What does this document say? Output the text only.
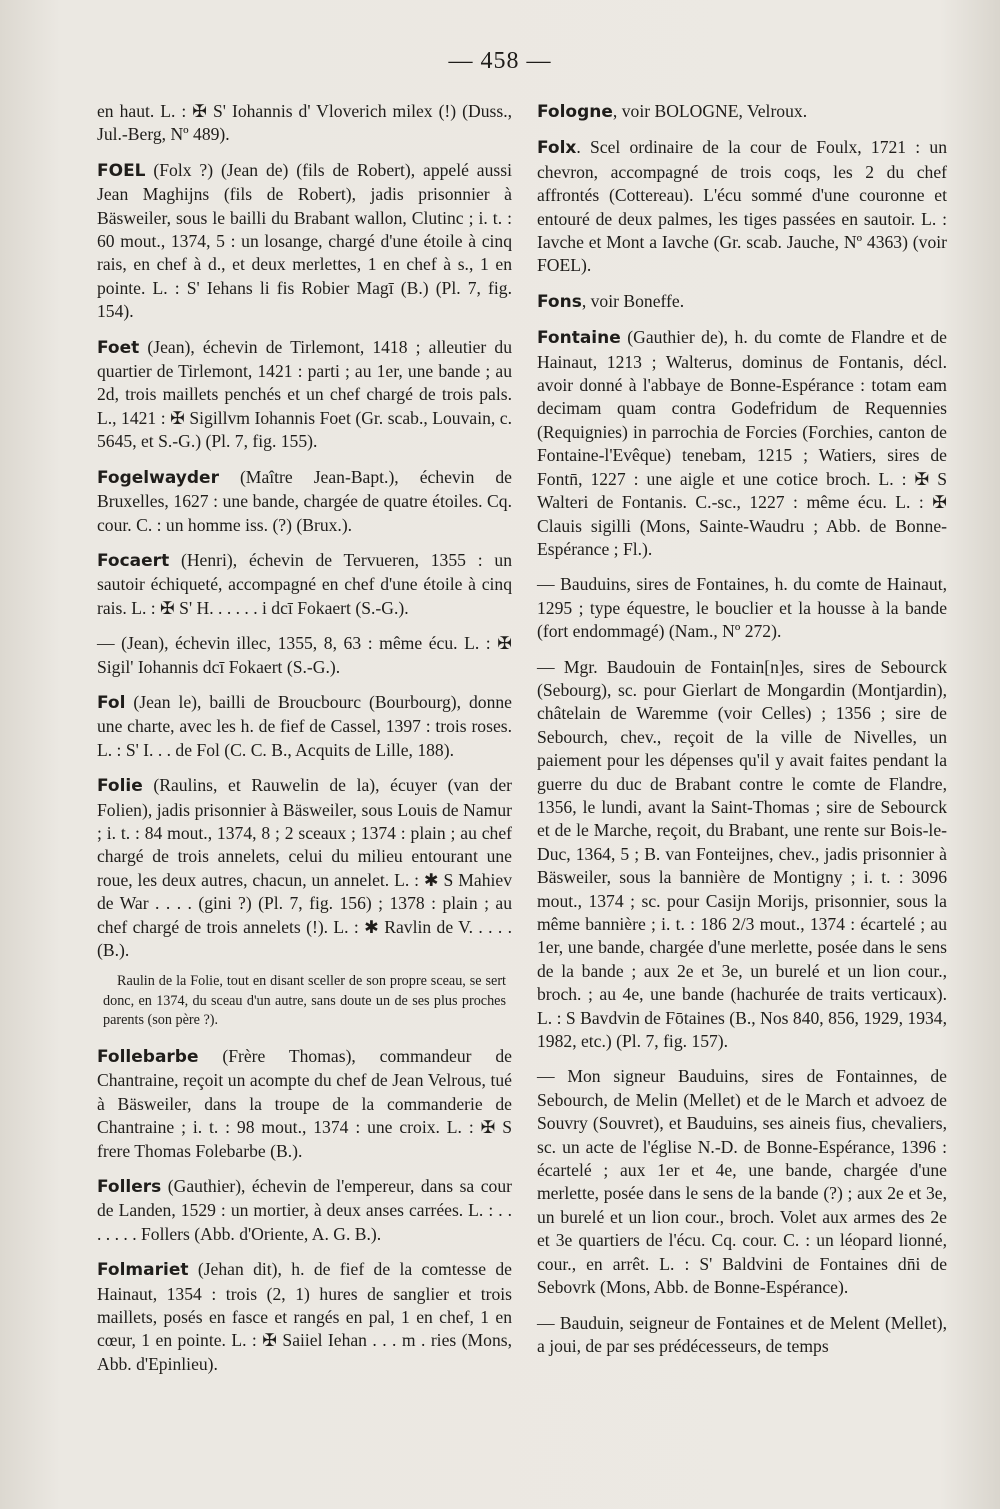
— 458 —

en haut. L. : ✠ S' Iohannis d' Vloverich milex (!) (Duss., Jul.-Berg, Nº 489).

FOEL (Folx ?) (Jean de) (fils de Robert), appelé aussi Jean Maghijns (fils de Robert), jadis prisonnier à Bäsweiler, sous le bailli du Brabant wallon, Clutinc ; i. t. : 60 mout., 1374, 5 : un losange, chargé d'une étoile à cinq rais, en chef à d., et deux merlettes, 1 en chef à s., 1 en pointe. L. : S' Iehans li fis Robier Magī (B.) (Pl. 7, fig. 154).

Foet (Jean), échevin de Tirlemont, 1418 ; alleutier du quartier de Tirlemont, 1421 : parti ; au 1er, une bande ; au 2d, trois maillets penchés et un chef chargé de trois pals. L., 1421 : ✠ Sigillvm Iohannis Foet (Gr. scab., Louvain, c. 5645, et S.-G.) (Pl. 7, fig. 155).

Fogelwayder (Maître Jean-Bapt.), échevin de Bruxelles, 1627 : une bande, chargée de quatre étoiles. Cq. cour. C. : un homme iss. (?) (Brux.).

Focaert (Henri), échevin de Tervueren, 1355 : un sautoir échiqueté, accompagné en chef d'une étoile à cinq rais. L. : ✠ S' H. . . . . . i dcī Fokaert (S.-G.).

— (Jean), échevin illec, 1355, 8, 63 : même écu. L. : ✠ Sigil' Iohannis dcī Fokaert (S.-G.).

Fol (Jean le), bailli de Broucbourc (Bourbourg), donne une charte, avec les h. de fief de Cassel, 1397 : trois roses. L. : S' I. . . de Fol (C. C. B., Acquits de Lille, 188).

Folie (Raulins, et Rauwelin de la), écuyer (van der Folien), jadis prisonnier à Bäsweiler, sous Louis de Namur ; i. t. : 84 mout., 1374, 8 ; 2 sceaux ; 1374 : plain ; au chef chargé de trois annelets, celui du milieu entourant une roue, les deux autres, chacun, un annelet. L. : ✱ S Mahiev de War . . . . (gini ?) (Pl. 7, fig. 156) ; 1378 : plain ; au chef chargé de trois annelets (!). L. : ✱ Ravlin de V. . . . . (B.).

Raulin de la Folie, tout en disant sceller de son propre sceau, se sert donc, en 1374, du sceau d'un autre, sans doute un de ses plus proches parents (son père ?).

Follebarbe (Frère Thomas), commandeur de Chantraine, reçoit un acompte du chef de Jean Velrous, tué à Bäsweiler, dans la troupe de la commanderie de Chantraine ; i. t. : 98 mout., 1374 : une croix. L. : ✠ S frere Thomas Folebarbe (B.).

Follers (Gauthier), échevin de l'empereur, dans sa cour de Landen, 1529 : un mortier, à deux anses carrées. L. : . . . . . . . Follers (Abb. d'Oriente, A. G. B.).

Folmariet (Jehan dit), h. de fief de la comtesse de Hainaut, 1354 : trois (2, 1) hures de sanglier et trois maillets, posés en fasce et rangés en pal, 1 en chef, 1 en cœur, 1 en pointe. L. : ✠ Saiiel Iehan . . . m . ries (Mons, Abb. d'Epinlieu).

Fologne, voir BOLOGNE, Velroux.

Folx. Scel ordinaire de la cour de Foulx, 1721 : un chevron, accompagné de trois coqs, les 2 du chef affrontés (Cottereau). L'écu sommé d'une couronne et entouré de deux palmes, les tiges passées en sautoir. L. : Iavche et Mont a Iavche (Gr. scab. Jauche, Nº 4363) (voir FOEL).

Fons, voir Boneffe.

Fontaine (Gauthier de), h. du comte de Flandre et de Hainaut, 1213 ; Walterus, dominus de Fontanis, décl. avoir donné à l'abbaye de Bonne-Espérance : totam eam decimam quam contra Godefridum de Requennies (Requignies) in parrochia de Forcies (Forchies, canton de Fontaine-l'Evêque) tenebam, 1215 ; Watiers, sires de Fontn̄, 1227 : une aigle et une cotice broch. L. : ✠ S Walteri de Fontanis. C.-sc., 1227 : même écu. L. : ✠ Clauis sigilli (Mons, Sainte-Waudru ; Abb. de Bonne-Espérance ; Fl.).

— Bauduins, sires de Fontaines, h. du comte de Hainaut, 1295 ; type équestre, le bouclier et la housse à la bande (fort endommagé) (Nam., Nº 272).

— Mgr. Baudouin de Fontain[n]es, sires de Sebourck (Sebourg), sc. pour Gierlart de Mongardin (Montjardin), châtelain de Waremme (voir Celles) ; 1356 ; sire de Sebourch, chev., reçoit de la ville de Nivelles, un paiement pour les dépenses qu'il y avait faites pendant la guerre du duc de Brabant contre le comte de Flandre, 1356, le lundi, avant la Saint-Thomas ; sire de Sebourck et de le Marche, reçoit, du Brabant, une rente sur Bois-le-Duc, 1364, 5 ; B. van Fonteijnes, chev., jadis prisonnier à Bäsweiler, sous la bannière de Montigny ; i. t. : 3096 mout., 1374 ; sc. pour Casijn Morijs, prisonnier, sous la même bannière ; i. t. : 186 2/3 mout., 1374 : écartelé ; au 1er, une bande, chargée d'une merlette, posée dans le sens de la bande ; aux 2e et 3e, un burelé et un lion cour., broch. ; au 4e, une bande (hachurée de traits verticaux). L. : S Bavdvin de Fōtaines (B., Nos 840, 856, 1929, 1934, 1982, etc.) (Pl. 7, fig. 157).

— Mon signeur Bauduins, sires de Fontainnes, de Sebourch, de Melin (Mellet) et de le March et advoez de Souvry (Souvret), et Bauduins, ses aineis fius, chevaliers, sc. un acte de l'église N.-D. de Bonne-Espérance, 1396 : écartelé ; aux 1er et 4e, une bande, chargée d'une merlette, posée dans le sens de la bande (?) ; aux 2e et 3e, un burelé et un lion cour., broch. Volet aux armes des 2e et 3e quartiers de l'écu. Cq. cour. C. : un léopard lionné, cour., en arrêt. L. : S' Baldvini de Fontaines dn̄i de Sebovrk (Mons, Abb. de Bonne-Espérance).

— Bauduin, seigneur de Fontaines et de Melent (Mellet), a joui, de par ses prédécesseurs, de temps
